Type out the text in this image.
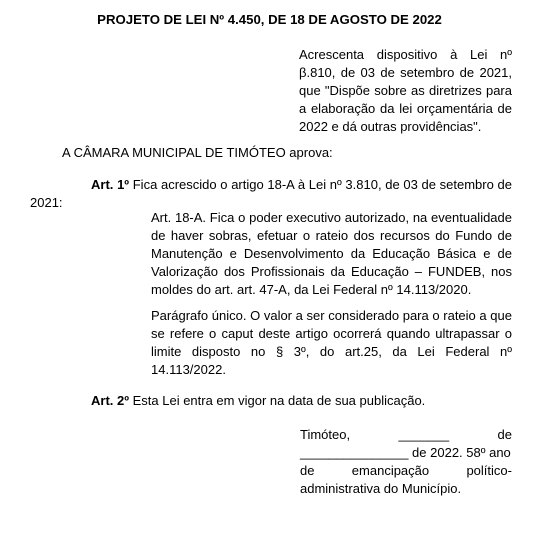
PROJETO DE LEI Nº 4.450, DE 18 DE AGOSTO DE 2022
Acrescenta dispositivo à Lei nº
β.810, de 03 de setembro de 2021,
que "Dispõe sobre as diretrizes para
a elaboração da lei orçamentária de
2022 e dá outras providências".
A CÂMARA MUNICIPAL DE TIMÓTEO aprova:
Art. 1º Fica acrescido o artigo 18-A à Lei nº 3.810, de 03 de setembro de
2021:
Art. 18-A. Fica o poder executivo autorizado, na eventualidade
de haver sobras, efetuar o rateio dos recursos do Fundo de
Manutenção e Desenvolvimento da Educação Básica e de
Valorização dos Profissionais da Educação – FUNDEB, nos
moldes do art. art. 47-A, da Lei Federal nº 14.113/2020.
Parágrafo único. O valor a ser considerado para o rateio a que
se refere o caput deste artigo ocorrerá quando ultrapassar o
limite disposto no § 3º, do art.25, da Lei Federal nº
14.113/2022.
Art. 2º Esta Lei entra em vigor na data de sua publicação.
Timóteo,	_______	de
_______________ de 2022. 58º ano
de	emancipação	político-
administrativa do Município.
